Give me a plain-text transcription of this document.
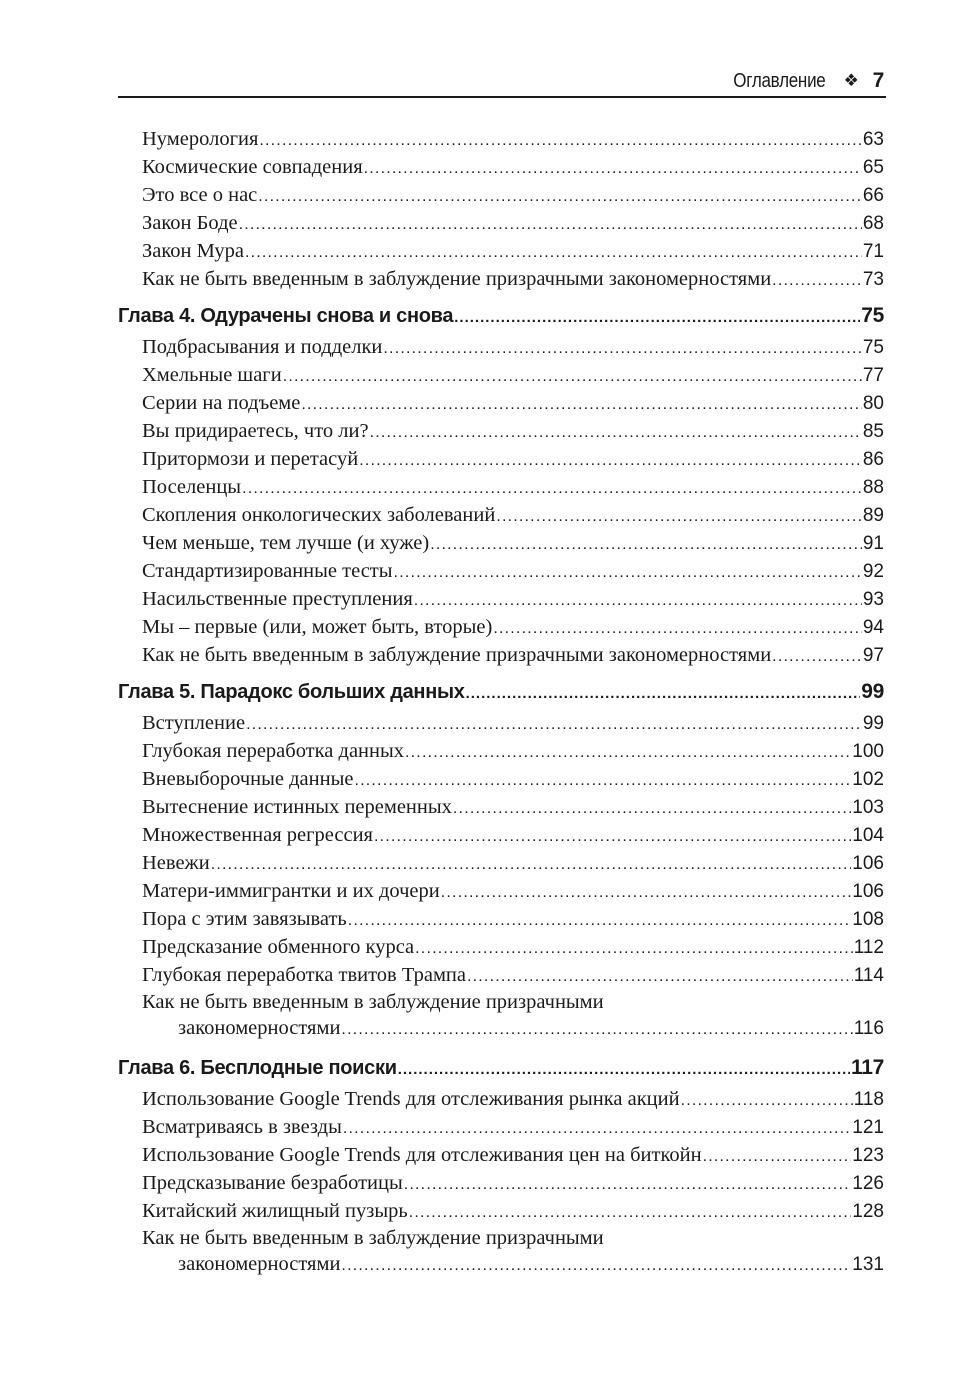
Оглавление ❖ 7
Нумерология .....	63
Космические совпадения .....	65
Это все о нас .....	66
Закон Боде .....	68
Закон Мура .....	71
Как не быть введенным в заблуждение призрачными закономерностями .....	73
Глава 4. Одурачены снова и снова .....	75
Подбрасывания и подделки .....	75
Хмельные шаги .....	77
Серии на подъеме .....	80
Вы придираетесь, что ли? .....	85
Притормози и перетасуй .....	86
Поселенцы .....	88
Скопления онкологических заболеваний .....	89
Чем меньше, тем лучше (и хуже) .....	91
Стандартизированные тесты .....	92
Насильственные преступления .....	93
Мы – первые (или, может быть, вторые) .....	94
Как не быть введенным в заблуждение призрачными закономерностями .....	97
Глава 5. Парадокс больших данных .....	99
Вступление .....	99
Глубокая переработка данных .....	100
Вневыборочные данные .....	102
Вытеснение истинных переменных .....	103
Множественная регрессия .....	104
Невежи .....	106
Матери-иммигрантки и их дочери .....	106
Пора с этим завязывать .....	108
Предсказание обменного курса .....	112
Глубокая переработка твитов Трампа .....	114
Как не быть введенным в заблуждение призрачными
закономерностями .....	116
Глава 6. Бесплодные поиски .....	117
Использование Google Trends для отслеживания рынка акций .....	118
Всматриваясь в звезды .....	121
Использование Google Trends для отслеживания цен на биткойн .....	123
Предсказывание безработицы .....	126
Китайский жилищный пузырь .....	128
Как не быть введенным в заблуждение призрачными
закономерностями .....	131
